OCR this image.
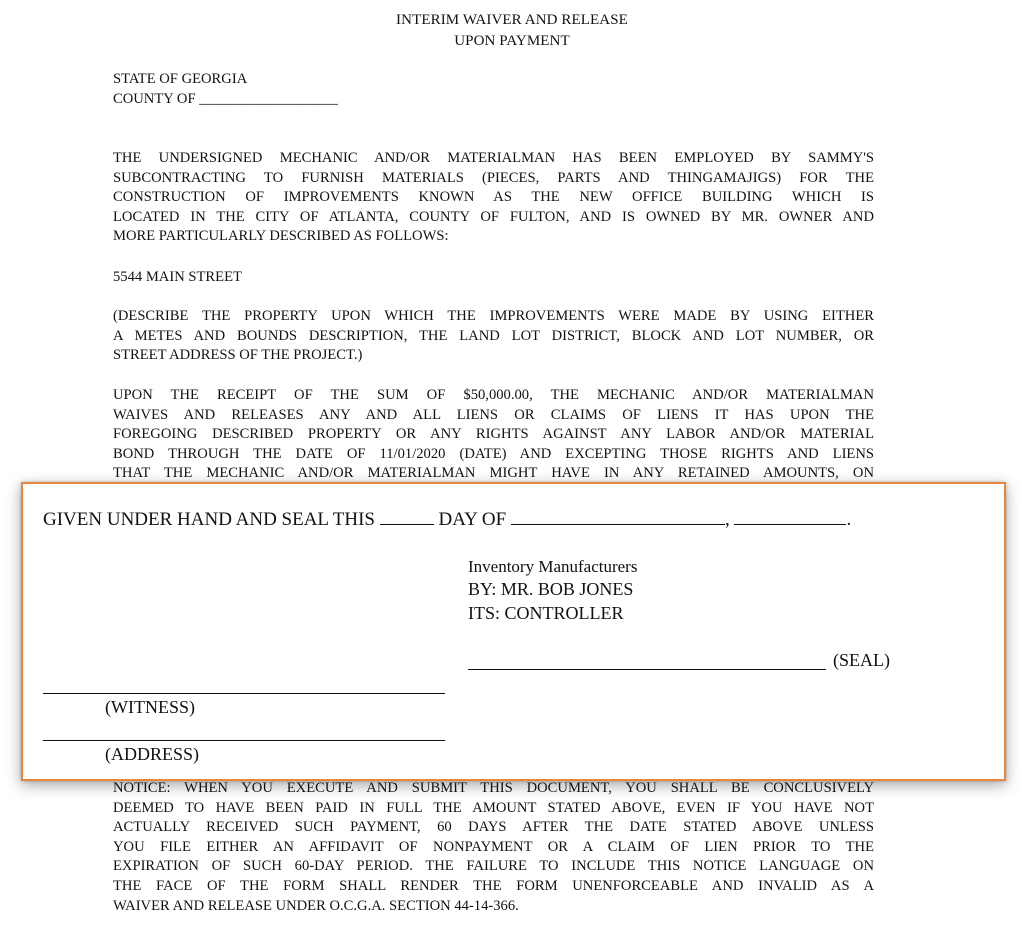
INTERIM WAIVER AND RELEASE
UPON PAYMENT
STATE OF GEORGIA
COUNTY OF ___________________
THE UNDERSIGNED MECHANIC AND/OR MATERIALMAN HAS BEEN EMPLOYED BY SAMMY'S
SUBCONTRACTING TO FURNISH MATERIALS (PIECES, PARTS AND THINGAMAJIGS) FOR THE
CONSTRUCTION OF IMPROVEMENTS KNOWN AS THE NEW OFFICE BUILDING WHICH IS
LOCATED IN THE CITY OF ATLANTA, COUNTY OF FULTON, AND IS OWNED BY MR. OWNER AND
MORE PARTICULARLY DESCRIBED AS FOLLOWS:
5544 MAIN STREET
(DESCRIBE THE PROPERTY UPON WHICH THE IMPROVEMENTS WERE MADE BY USING EITHER
A METES AND BOUNDS DESCRIPTION, THE LAND LOT DISTRICT, BLOCK AND LOT NUMBER, OR
STREET ADDRESS OF THE PROJECT.)
UPON THE RECEIPT OF THE SUM OF $50,000.00, THE MECHANIC AND/OR MATERIALMAN
WAIVES AND RELEASES ANY AND ALL LIENS OR CLAIMS OF LIENS IT HAS UPON THE
FOREGOING DESCRIBED PROPERTY OR ANY RIGHTS AGAINST ANY LABOR AND/OR MATERIAL
BOND THROUGH THE DATE OF 11/01/2020 (DATE) AND EXCEPTING THOSE RIGHTS AND LIENS
THAT THE MECHANIC AND/OR MATERIALMAN MIGHT HAVE IN ANY RETAINED AMOUNTS, ON
GIVEN UNDER HAND AND SEAL THIS	DAY OF	,	.
Inventory Manufacturers
BY: MR. BOB JONES
ITS: CONTROLLER
(SEAL)
(WITNESS)
(ADDRESS)
NOTICE: WHEN YOU EXECUTE AND SUBMIT THIS DOCUMENT, YOU SHALL BE CONCLUSIVELY
DEEMED TO HAVE BEEN PAID IN FULL THE AMOUNT STATED ABOVE, EVEN IF YOU HAVE NOT
ACTUALLY RECEIVED SUCH PAYMENT, 60 DAYS AFTER THE DATE STATED ABOVE UNLESS
YOU FILE EITHER AN AFFIDAVIT OF NONPAYMENT OR A CLAIM OF LIEN PRIOR TO THE
EXPIRATION OF SUCH 60-DAY PERIOD. THE FAILURE TO INCLUDE THIS NOTICE LANGUAGE ON
THE FACE OF THE FORM SHALL RENDER THE FORM UNENFORCEABLE AND INVALID AS A
WAIVER AND RELEASE UNDER O.C.G.A. SECTION 44-14-366.
